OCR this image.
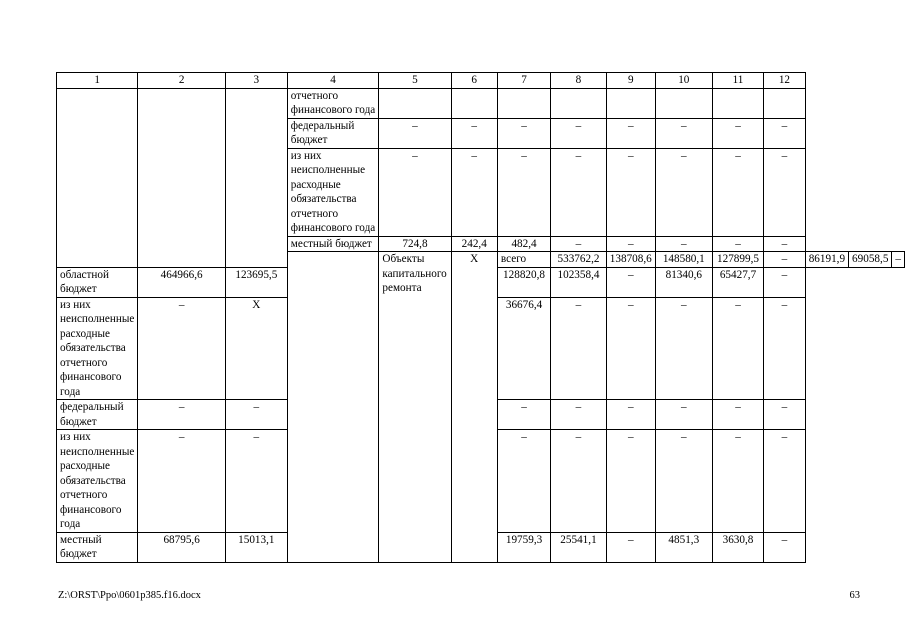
1	2	3	4	5	6	7	8	9	10	11	12			
			отчетного финансового года											
			федеральный бюджет	–	–	–	–	–	–	–	–			
			из них неисполненные расходные обязательства отчетного финансового года	–	–	–	–	–	–	–	–			
			местный бюджет	724,8	242,4	482,4	–	–	–	–	–			
				Объекты капитального ремонта	X	всего	533762,2	138708,6	148580,1	127899,5	–	86191,9	69058,5	–
областной бюджет	464966,6	123695,5				128820,8	102358,4	–	81340,6	65427,7	–			
из них неисполненные расходные обязательства отчетного финансового года	–	X				36676,4	–	–	–	–	–			
федеральный бюджет	–	–				–	–	–	–	–	–			
из них неисполненные расходные обязательства отчетного финансового года	–	–				–	–	–	–	–	–			
местный бюджет	68795,6	15013,1				19759,3	25541,1	–	4851,3	3630,8	–			
Z:\ORST\Ppo\0601p385.f16.docx	63
